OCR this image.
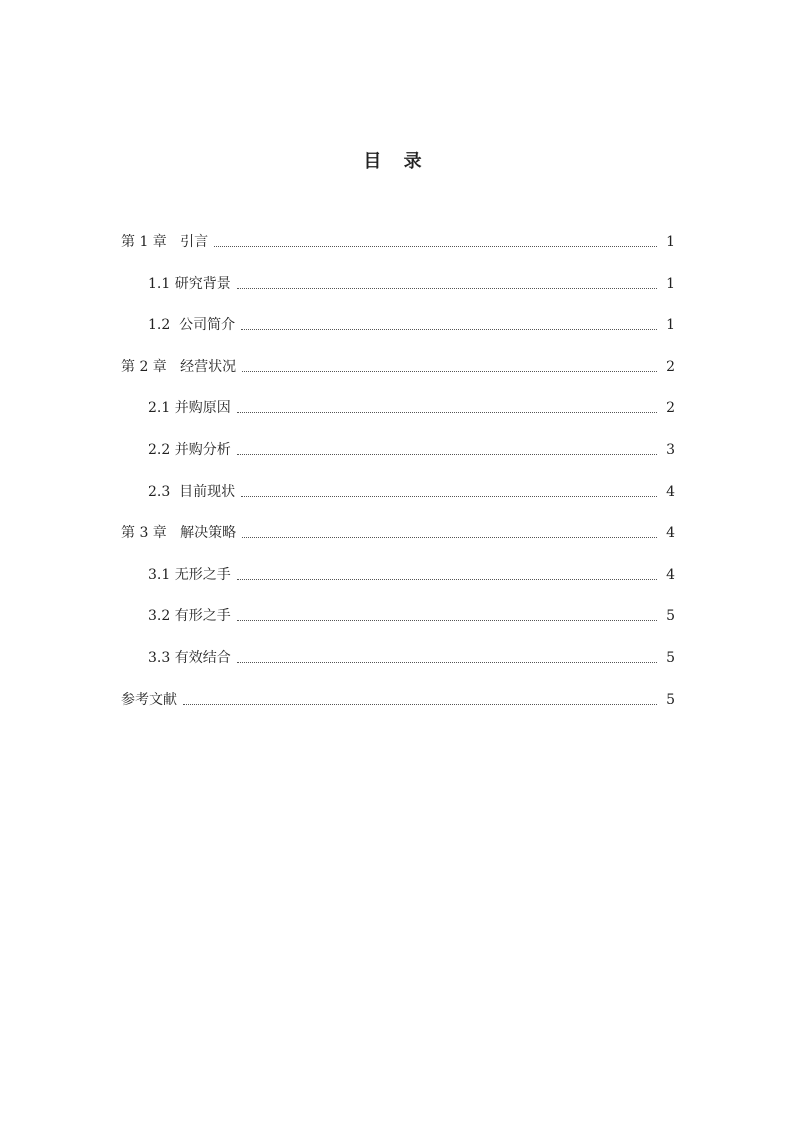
目 录
第 1 章   引言	1
1.1 研究背景	1
1.2  公司简介	1
第 2 章   经营状况	2
2.1 并购原因	2
2.2 并购分析	3
2.3  目前现状	4
第 3 章   解决策略	4
3.1 无形之手	4
3.2 有形之手	5
3.3 有效结合	5
参考文献	5
